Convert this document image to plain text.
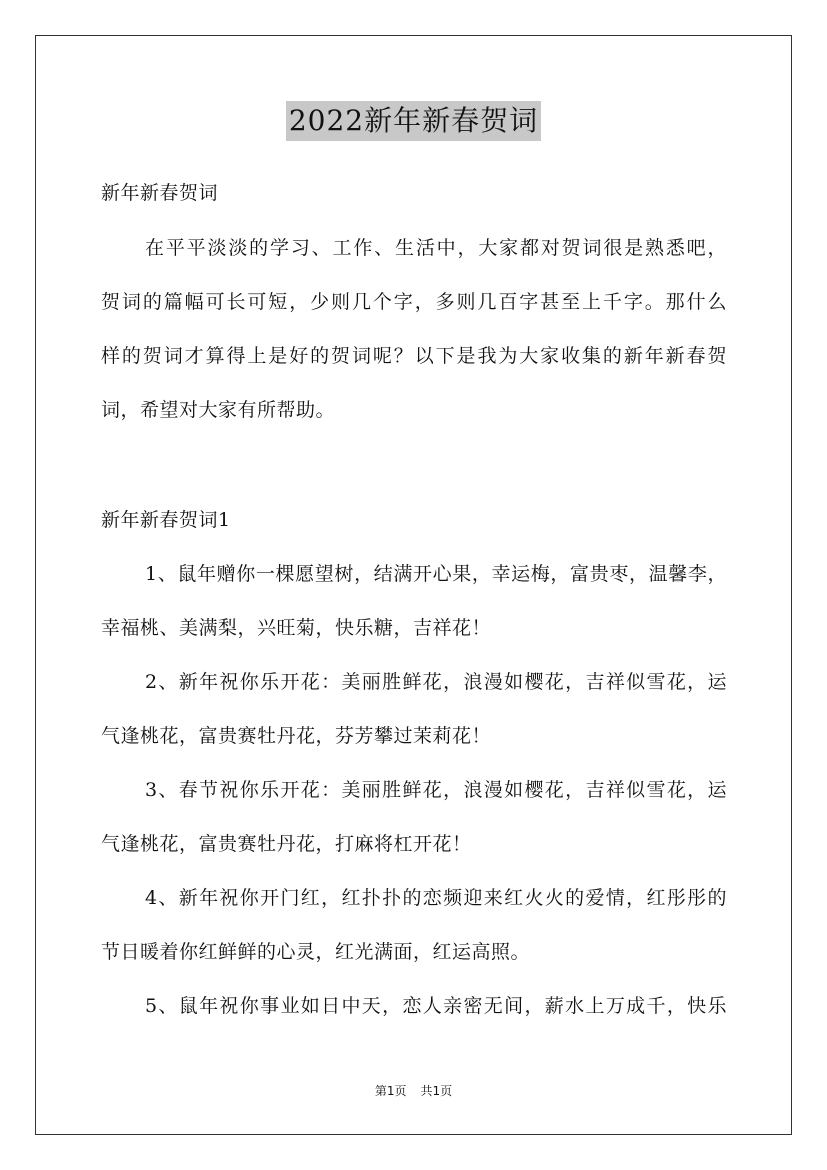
2022新年新春贺词
新年新春贺词
在平平淡淡的学习、工作、生活中，大家都对贺词很是熟悉吧，
贺词的篇幅可长可短，少则几个字，多则几百字甚至上千字。那什么
样的贺词才算得上是好的贺词呢？以下是我为大家收集的新年新春贺
词，希望对大家有所帮助。
新年新春贺词1
1、鼠年赠你一棵愿望树，结满开心果，幸运梅，富贵枣，温馨李，
幸福桃、美满梨，兴旺菊，快乐糖，吉祥花！
2、新年祝你乐开花：美丽胜鲜花，浪漫如樱花，吉祥似雪花，运
气逢桃花，富贵赛牡丹花，芬芳攀过茉莉花！
3、春节祝你乐开花：美丽胜鲜花，浪漫如樱花，吉祥似雪花，运
气逢桃花，富贵赛牡丹花，打麻将杠开花！
4、新年祝你开门红，红扑扑的恋频迎来红火火的爱情，红彤彤的
节日暖着你红鲜鲜的心灵，红光满面，红运高照。
5、鼠年祝你事业如日中天，恋人亲密无间，薪水上万成千，快乐
第1页 共1页
